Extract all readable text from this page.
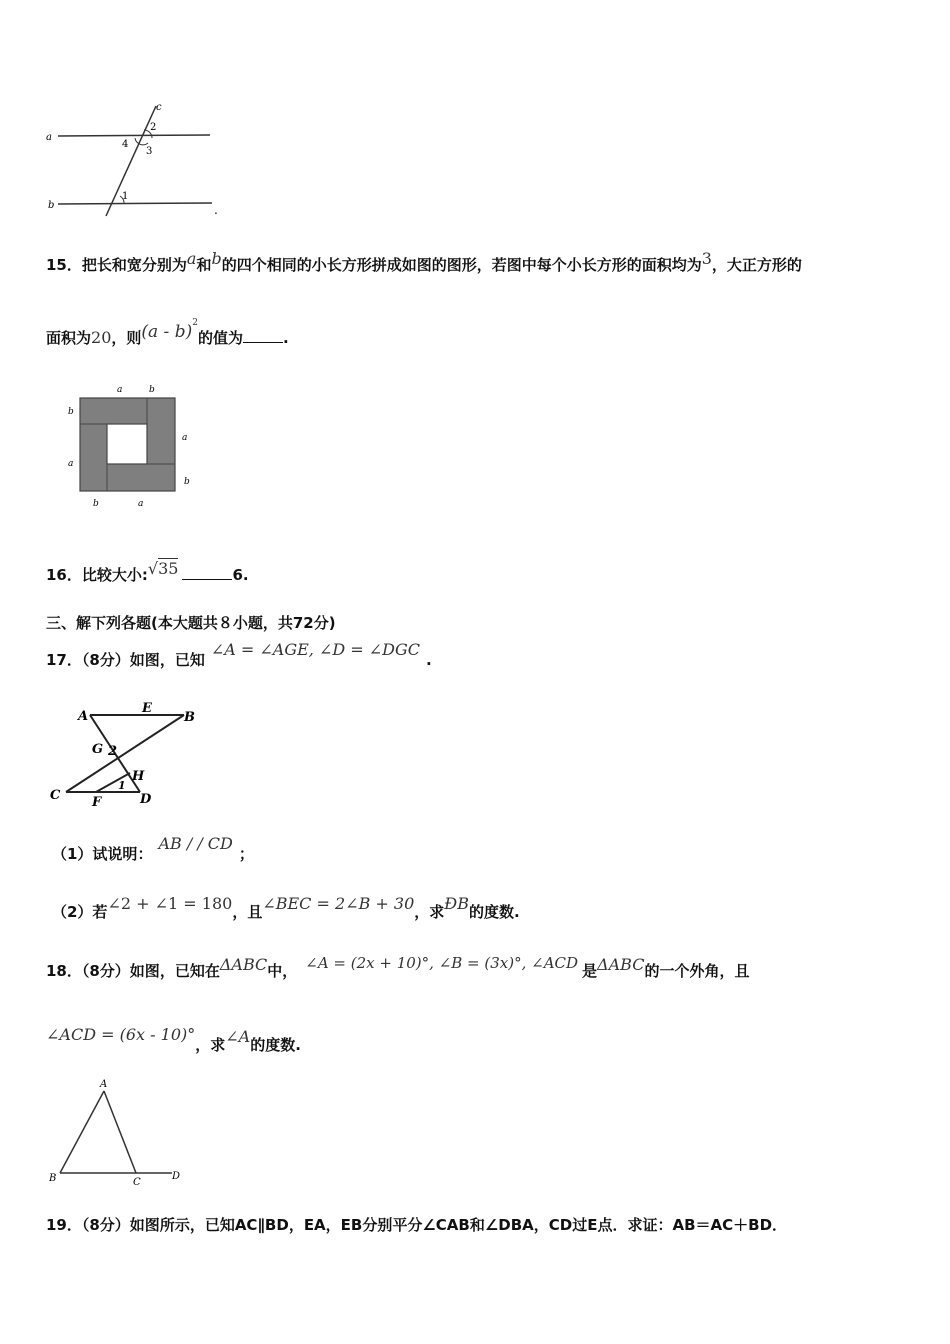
a
b
c
2
3
4
1
.
15．把长和宽分别为$^a$和$^b$的四个相同的小长方形拼成如图的图形，若图中每个小长方形的面积均为$^3$，大正方形的
面积为20，则$^{(a - b)2}$的值为	.
a	b
b
a
a
b
b	a
16．比较大小:√35	6.
三、解下列各题(本大题共８小题，共72分)
17．（8分）如图，已知∠A = ∠AGE, ∠D = ∠DGC.
A
E
B
G 2
H
1
C F	D
（1）试说明：AB / / CD；
（2）若∠2 + ∠1 = 180，且∠BEC = 2∠B + 30，求ÐB的度数.
18．（8分）如图，已知在ΔABC中， ∠A = (2x + 10)°, ∠B = (3x)°, ∠ACD 是ΔABC的一个外角，且
∠ACD = (6x - 10)°，求∠A的度数.
A
B	C
D
19．（8分）如图所示，已知AC∥BD，EA，EB分别平分∠CAB和∠DBA，CD过E点．求证：AB＝AC＋BD．
